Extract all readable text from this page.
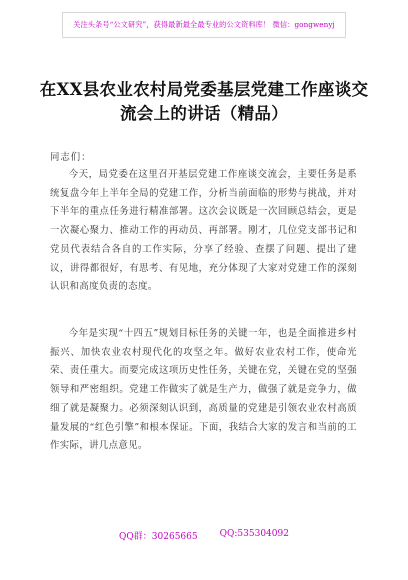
关注头条号“公文研究”，获得最新最全最专业的公文资料库！ 微信：gongwenyj
在XX县农业农村局党委基层党建工作座谈交流会上的讲话（精品）
同志们：

今天，局党委在这里召开基层党建工作座谈交流会，主要任务是系统复盘今年上半年全局的党建工作，分析当前面临的形势与挑战，并对下半年的重点任务进行精准部署。这次会议既是一次回顾总结会，更是一次凝心聚力、推动工作的再动员、再部署。刚才，几位党支部书记和党员代表结合各自的工作实际，分享了经验、查摆了问题、提出了建议，讲得都很好，有思考、有见地，充分体现了大家对党建工作的深刻认识和高度负责的态度。

今年是实现“十四五”规划目标任务的关键一年，也是全面推进乡村振兴、加快农业农村现代化的攻坚之年。做好农业农村工作，使命光荣、责任重大。而要完成这项历史性任务，关键在党，关键在党的坚强领导和严密组织。党建工作做实了就是生产力，做强了就是竞争力，做细了就是凝聚力。必须深刻认识到，高质量的党建是引领农业农村高质量发展的“红色引擎”和根本保证。下面，我结合大家的发言和当前的工作实际，讲几点意见。

QQ群：30265665 QQ:535304092
